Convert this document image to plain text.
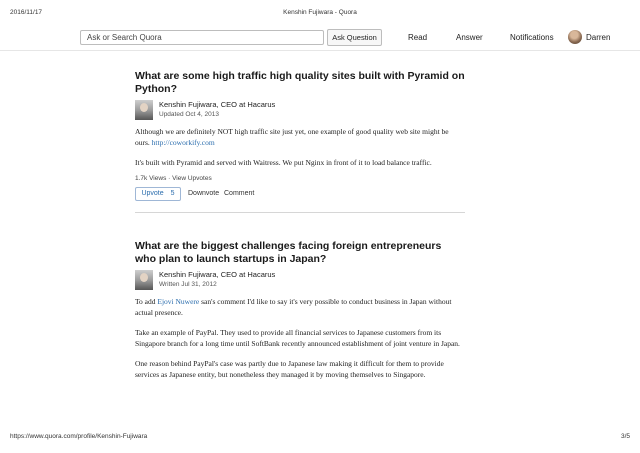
2016/11/17	Kenshin Fujiwara - Quora
Ask or Search Quora
Ask Question	Read	Answer	Notifications	Darren
What are some high traffic high quality sites built with Pyramid on Python?
Kenshin Fujiwara, CEO at Hacarus
Updated Oct 4, 2013

Although we are definitely NOT high traffic site just yet, one example of good quality web site might be ours. http://coworkify.com

It's built with Pyramid and served with Waitress. We put Nginx in front of it to load balance traffic.

1.7k Views · View Upvotes
Upvote 5	Downvote Comment
What are the biggest challenges facing foreign entrepreneurs who plan to launch startups in Japan?
Kenshin Fujiwara, CEO at Hacarus
Written Jul 31, 2012

To add Ejovi Nuwere san's comment I'd like to say it's very possible to conduct business in Japan without actual presence.

Take an example of PayPal. They used to provide all financial services to Japanese customers from its Singapore branch for a long time until SoftBank recently announced establishment of joint venture in Japan.

One reason behind PayPal's case was partly due to Japanese law making it difficult for them to provide services as Japanese entity, but nonetheless they managed it by moving themselves to Singapore.

https://www.quora.com/profile/Kenshin-Fujiwara	3/5
